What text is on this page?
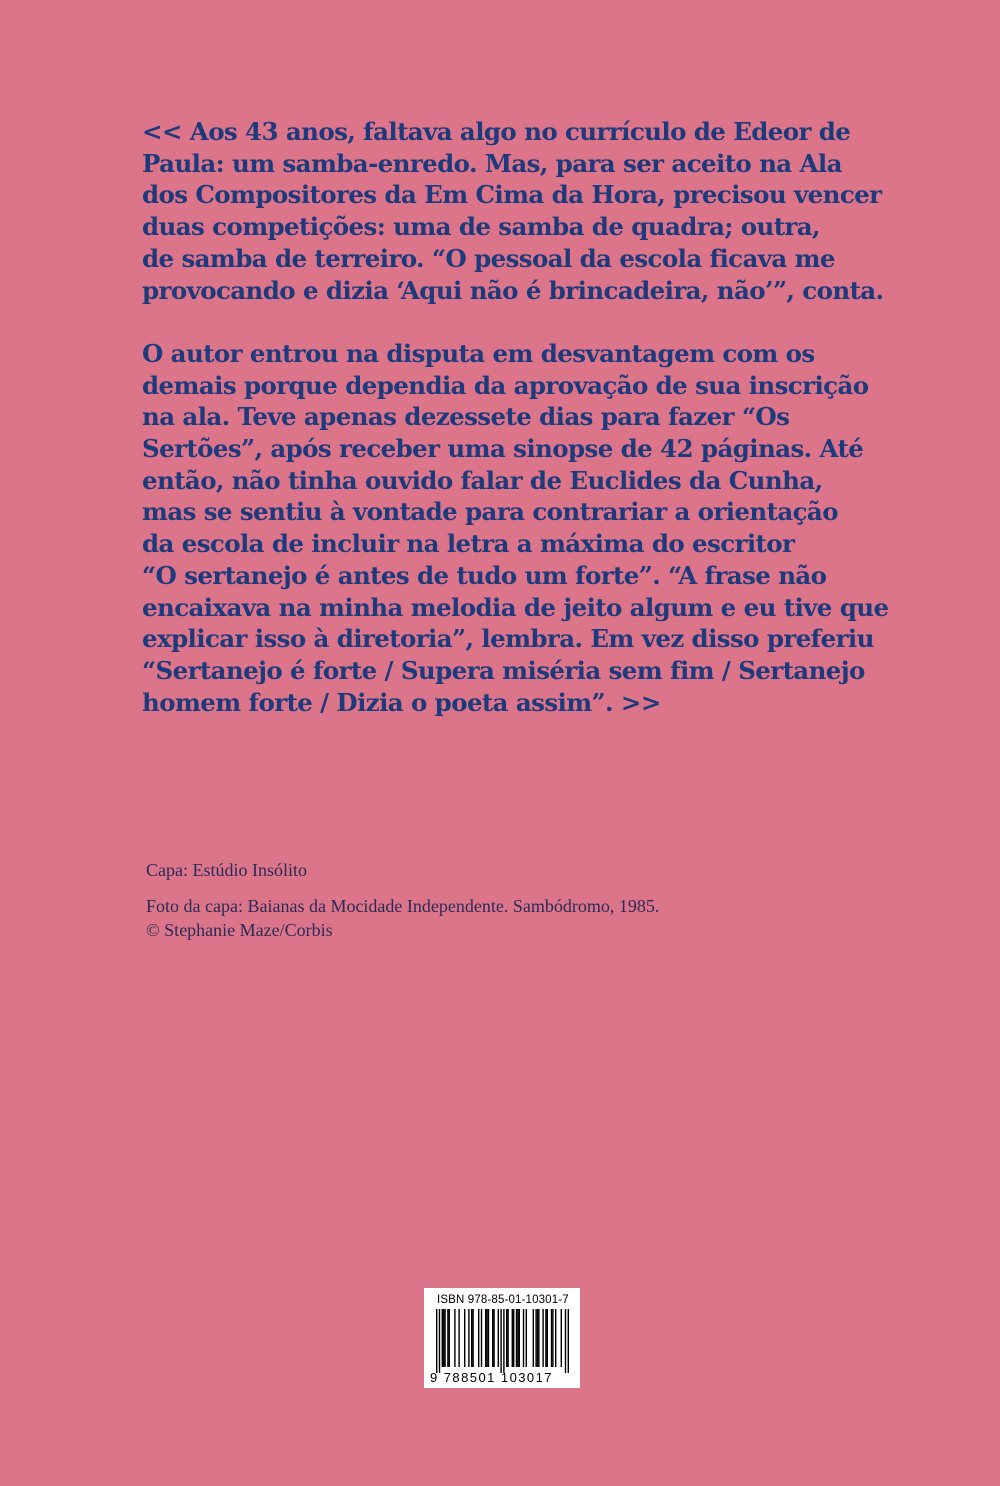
<< Aos 43 anos, faltava algo no currículo de Edeor de
Paula: um samba-enredo. Mas, para ser aceito na Ala
dos Compositores da Em Cima da Hora, precisou vencer
duas competições: uma de samba de quadra; outra,
de samba de terreiro. “O pessoal da escola ficava me
provocando e dizia ‘Aqui não é brincadeira, não’”, conta.
O autor entrou na disputa em desvantagem com os
demais porque dependia da aprovação de sua inscrição
na ala. Teve apenas dezessete dias para fazer “Os
Sertões”, após receber uma sinopse de 42 páginas. Até
então, não tinha ouvido falar de Euclides da Cunha,
mas se sentiu à vontade para contrariar a orientação
da escola de incluir na letra a máxima do escritor
“O sertanejo é antes de tudo um forte”. “A frase não
encaixava na minha melodia de jeito algum e eu tive que
explicar isso à diretoria”, lembra. Em vez disso preferiu
“Sertanejo é forte / Supera miséria sem fim / Sertanejo
homem forte / Dizia o poeta assim”. >>
Capa: Estúdio Insólito
Foto da capa: Baianas da Mocidade Independente. Sambódromo, 1985.
© Stephanie Maze/Corbis
ISBN 978-85-01-10301-7
9 788501 103017
